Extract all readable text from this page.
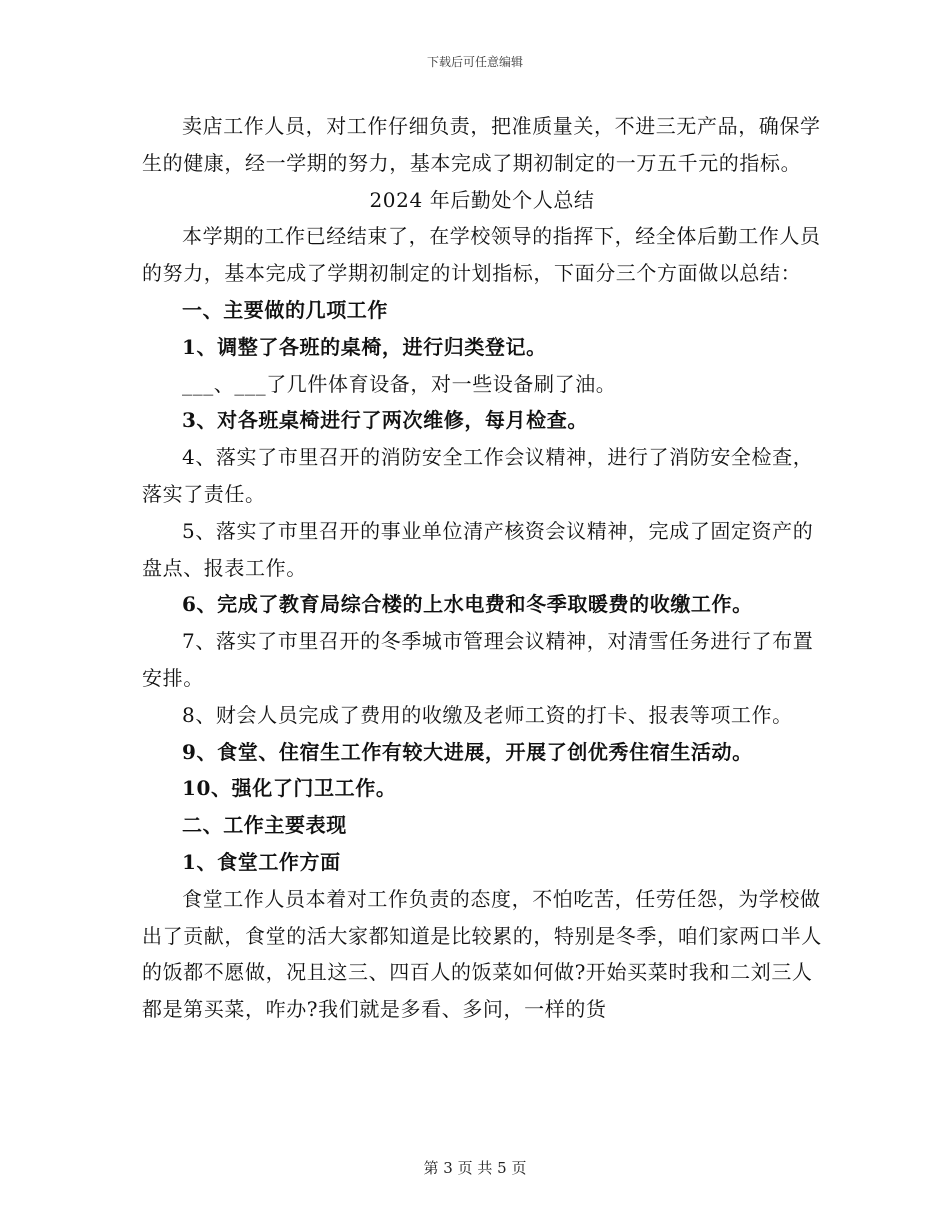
下载后可任意编辑

卖店工作人员，对工作仔细负责，把准质量关，不进三无产品，确保学生的健康，经一学期的努力，基本完成了期初制定的一万五千元的指标。

2024 年后勤处个人总结

本学期的工作已经结束了，在学校领导的指挥下，经全体后勤工作人员的努力，基本完成了学期初制定的计划指标，下面分三个方面做以总结：

一、主要做的几项工作

1、调整了各班的桌椅，进行归类登记。

___、___了几件体育设备，对一些设备刷了油。

3、对各班桌椅进行了两次维修，每月检查。

4、落实了市里召开的消防安全工作会议精神，进行了消防安全检查，落实了责任。

5、落实了市里召开的事业单位清产核资会议精神，完成了固定资产的盘点、报表工作。

6、完成了教育局综合楼的上水电费和冬季取暖费的收缴工作。

7、落实了市里召开的冬季城市管理会议精神，对清雪任务进行了布置安排。

8、财会人员完成了费用的收缴及老师工资的打卡、报表等项工作。

9、食堂、住宿生工作有较大进展，开展了创优秀住宿生活动。

10、强化了门卫工作。

二、工作主要表现

1、食堂工作方面

食堂工作人员本着对工作负责的态度，不怕吃苦，任劳任怨，为学校做出了贡献，食堂的活大家都知道是比较累的，特别是冬季，咱们家两口半人的饭都不愿做，况且这三、四百人的饭菜如何做?开始买菜时我和二刘三人都是第买菜，咋办?我们就是多看、多问，一样的货

第 3 页 共 5 页
